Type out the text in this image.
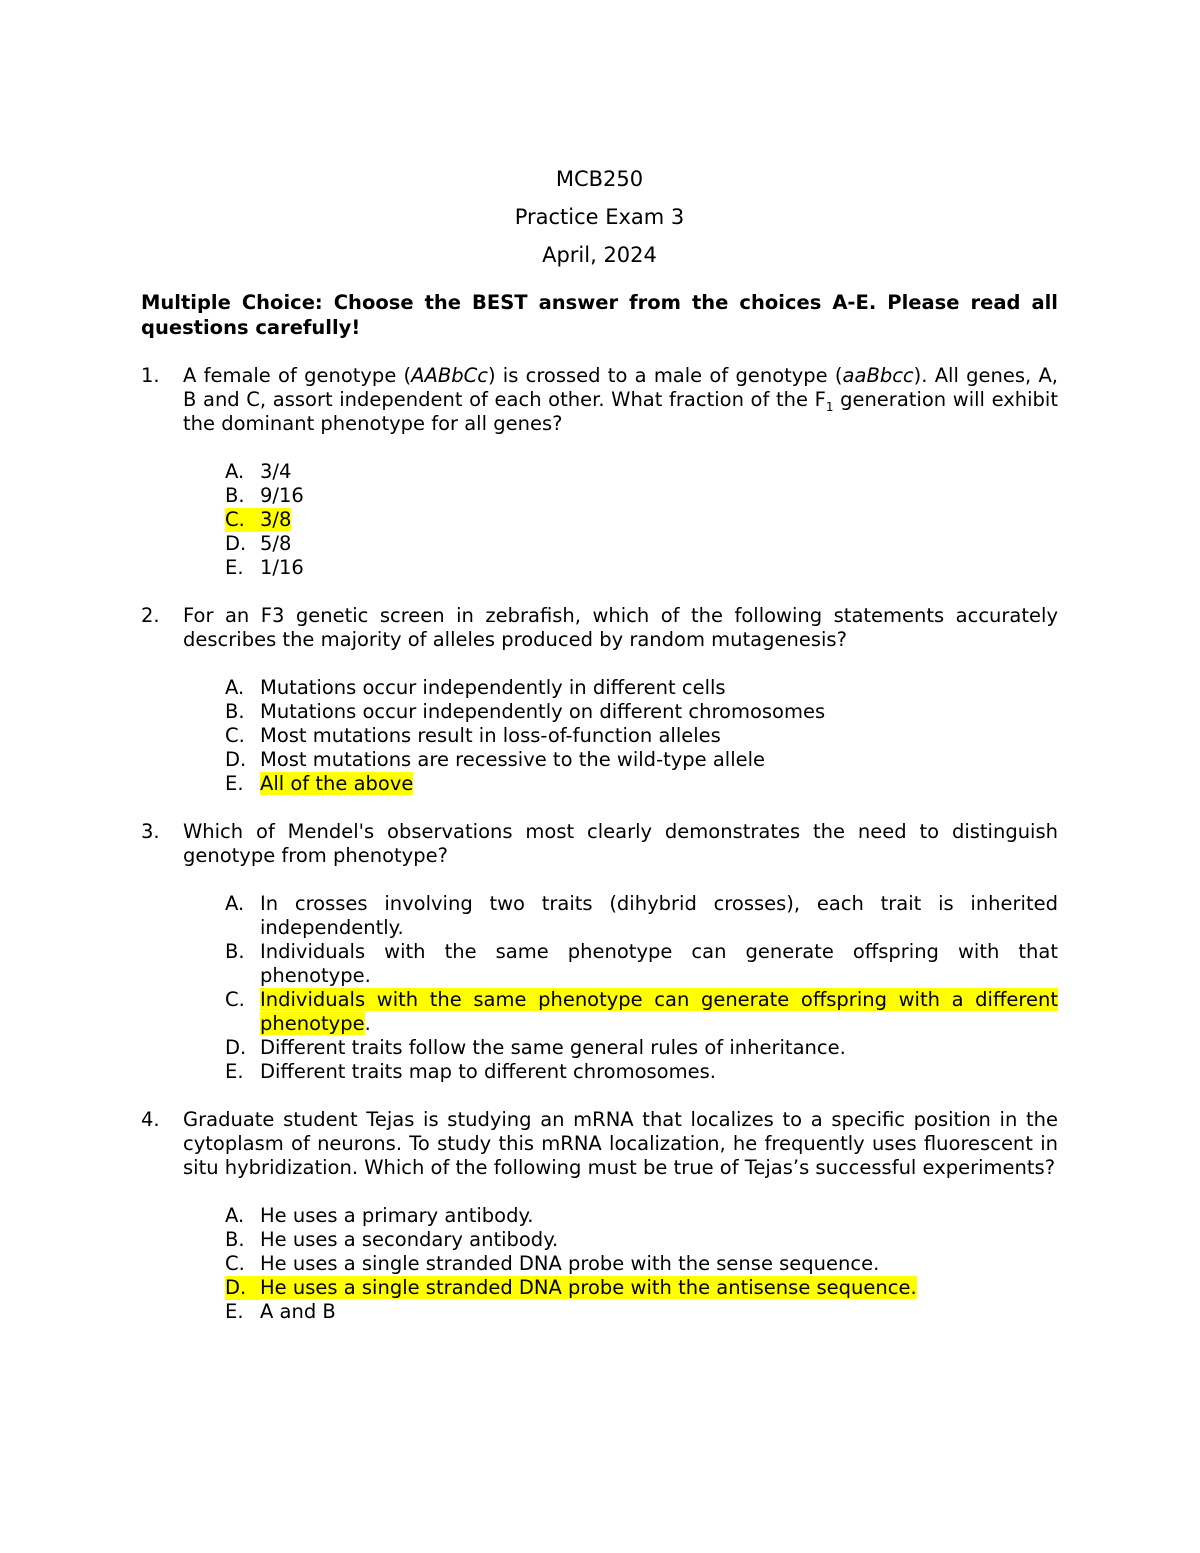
MCB250
Practice Exam 3
April, 2024
Multiple Choice: Choose the BEST answer from the choices A-E. Please read all questions carefully!
1. A female of genotype (AABbCc) is crossed to a male of genotype (aaBbcc). All genes, A, B and C, assort independent of each other. What fraction of the $F_1$ generation will exhibit the dominant phenotype for all genes?
A. 3/4
B. 9/16
C. 3/8
D. 5/8
E. 1/16
2. For an F3 genetic screen in zebrafish, which of the following statements accurately describes the majority of alleles produced by random mutagenesis?
A. Mutations occur independently in different cells
B. Mutations occur independently on different chromosomes
C. Most mutations result in loss-of-function alleles
D. Most mutations are recessive to the wild-type allele
E. All of the above
3. Which of Mendel's observations most clearly demonstrates the need to distinguish genotype from phenotype?
A. In crosses involving two traits (dihybrid crosses), each trait is inherited independently.
B. Individuals with the same phenotype can generate offspring with that phenotype.
C. Individuals with the same phenotype can generate offspring with a different phenotype.
D. Different traits follow the same general rules of inheritance.
E. Different traits map to different chromosomes.
4. Graduate student Tejas is studying an mRNA that localizes to a specific position in the cytoplasm of neurons. To study this mRNA localization, he frequently uses fluorescent in situ hybridization. Which of the following must be true of Tejas’s successful experiments?
A. He uses a primary antibody.
B. He uses a secondary antibody.
C. He uses a single stranded DNA probe with the sense sequence.
D. He uses a single stranded DNA probe with the antisense sequence.
E. A and B
